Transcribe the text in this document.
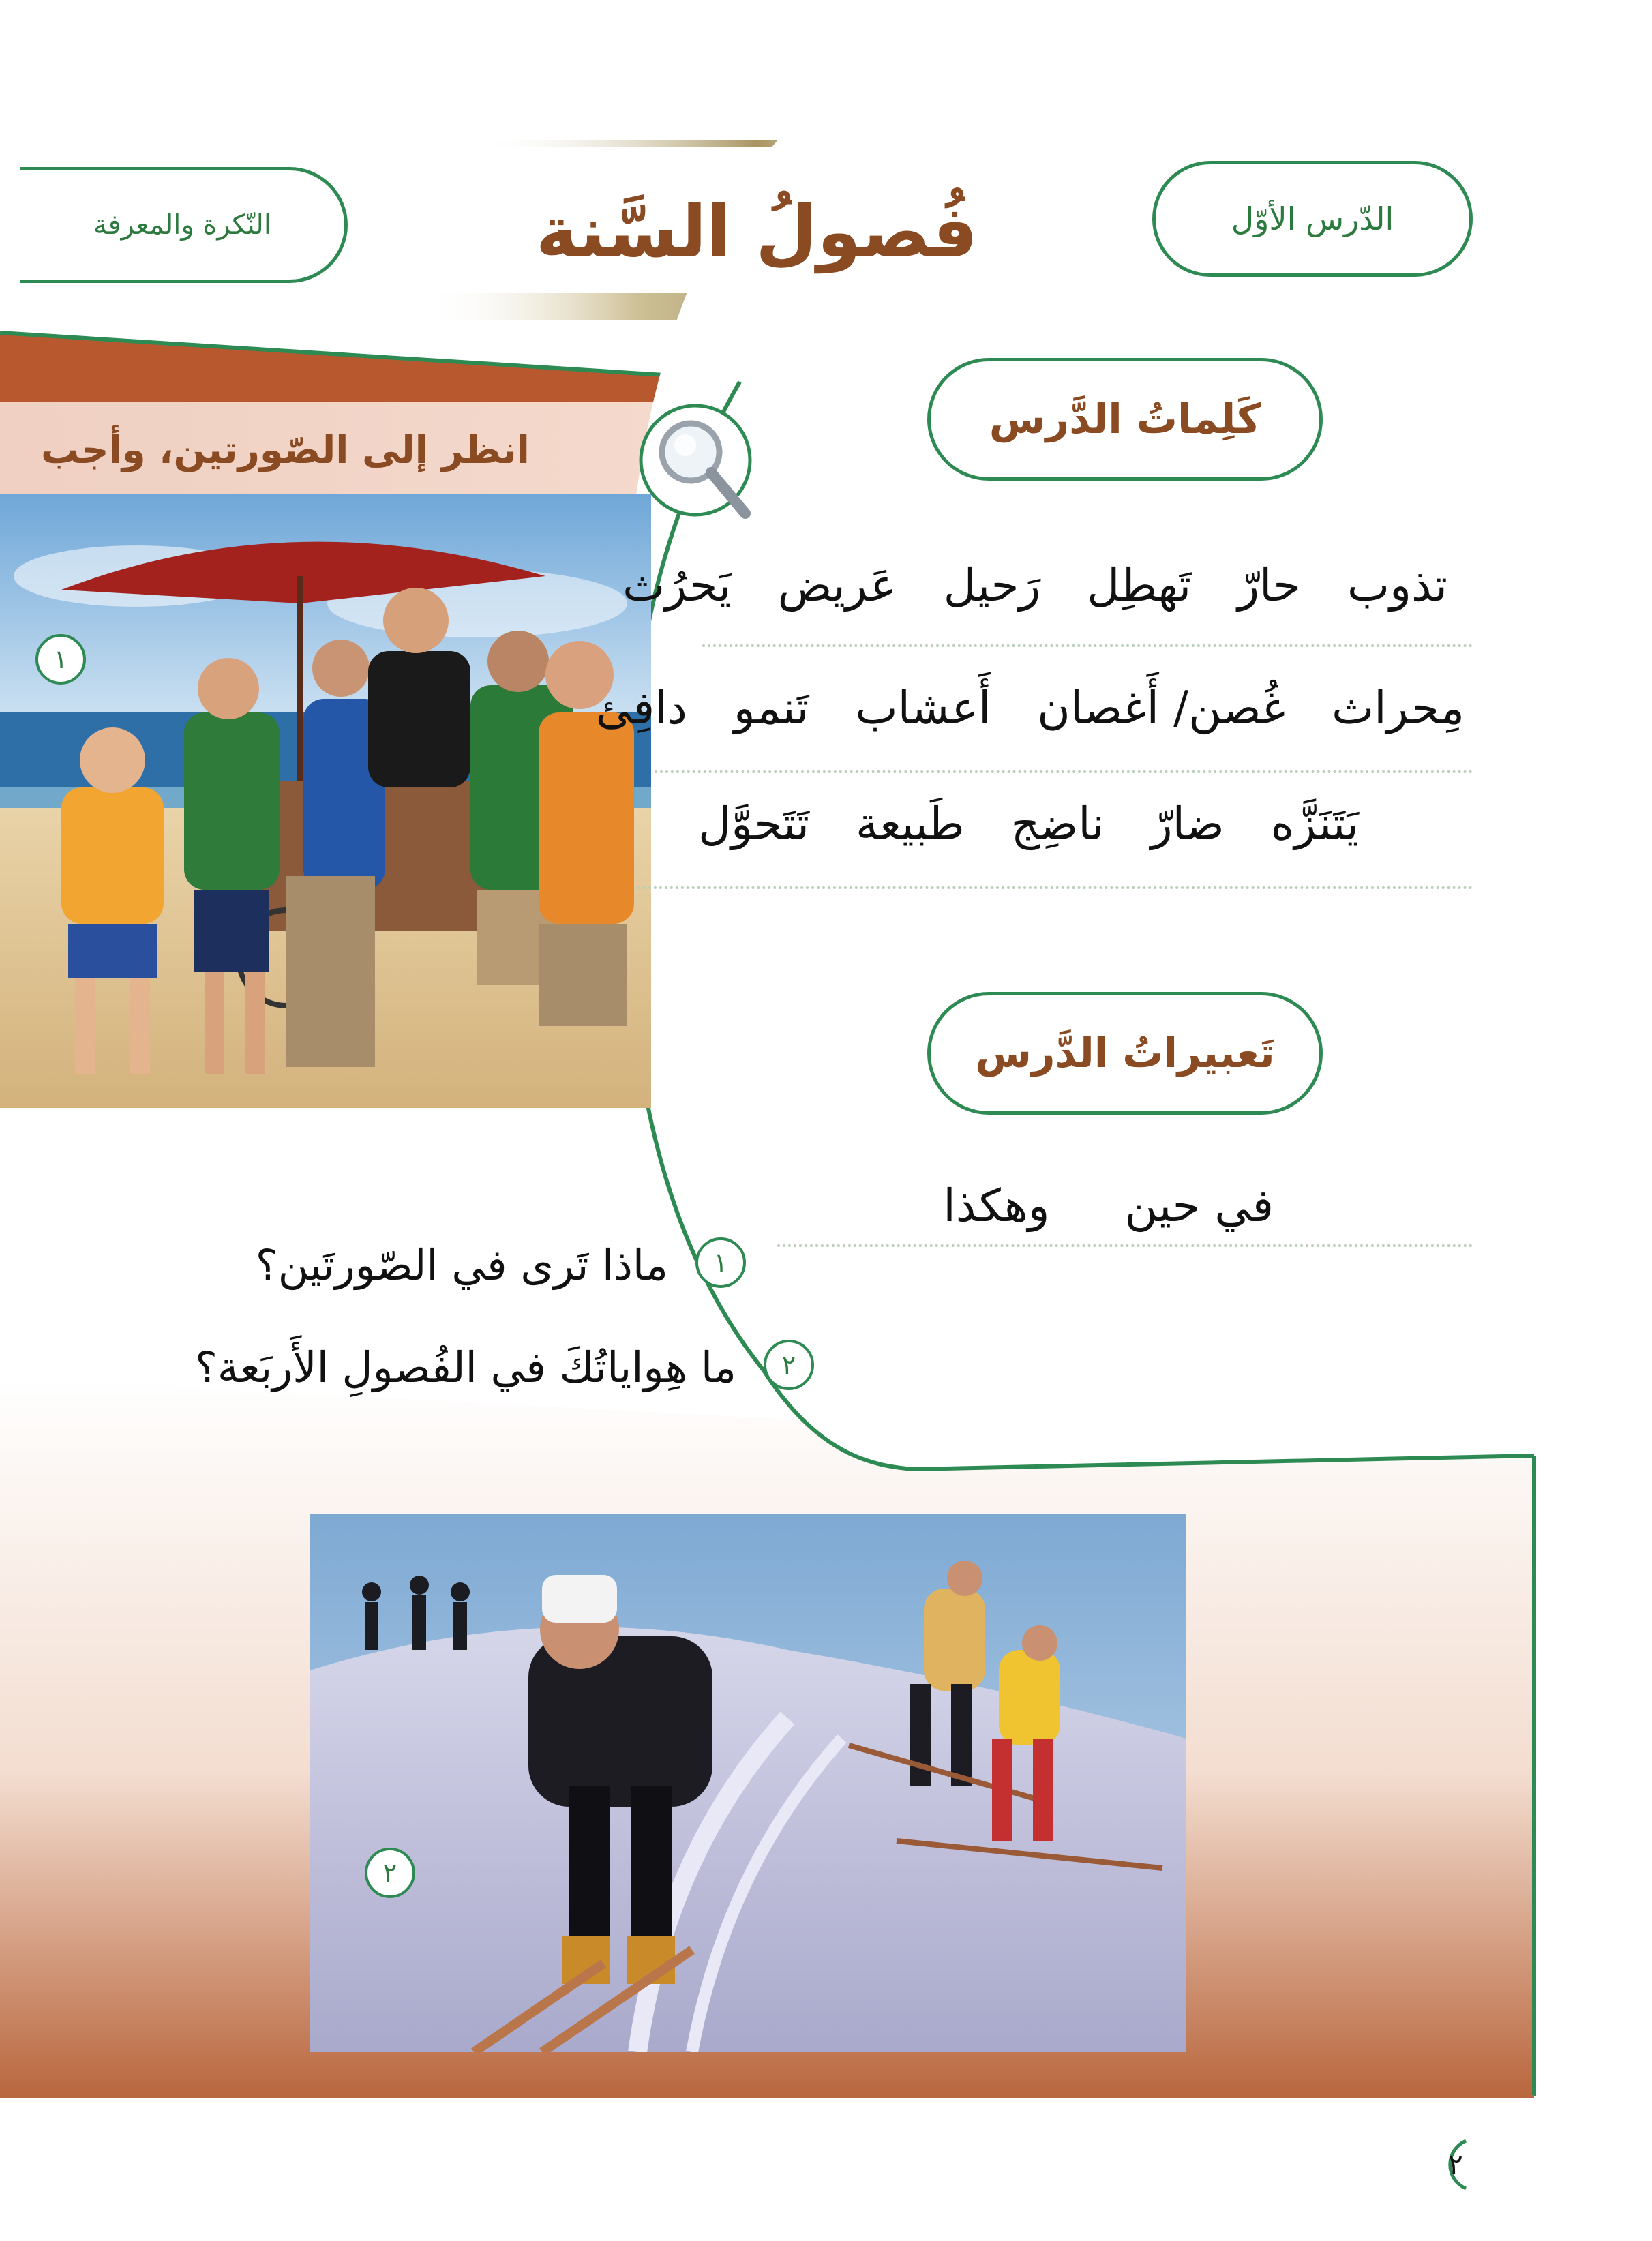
الدّرس الأوّل
فُصولُ السَّنة
النّكرة والمعرفة
انظر إلى الصّورتين، وأجب
١
كَلِماتُ الدَّرس
تذوب
حارّ
تَهطِل
رَحيل
عَريض
يَحرُث
مِحراث
غُصن/ أَغصان
أَعشاب
تَنمو
دافِئ
يَتَنَزَّه
ضارّ
ناضِج
طَبيعة
تَتَحوَّل
تَعبيراتُ الدَّرس
في حين
وهكذا
١
ماذا تَرى في الصّورتَين؟
٢
ما هِواياتُكَ في الفُصولِ الأَربَعة؟
٢
٢
